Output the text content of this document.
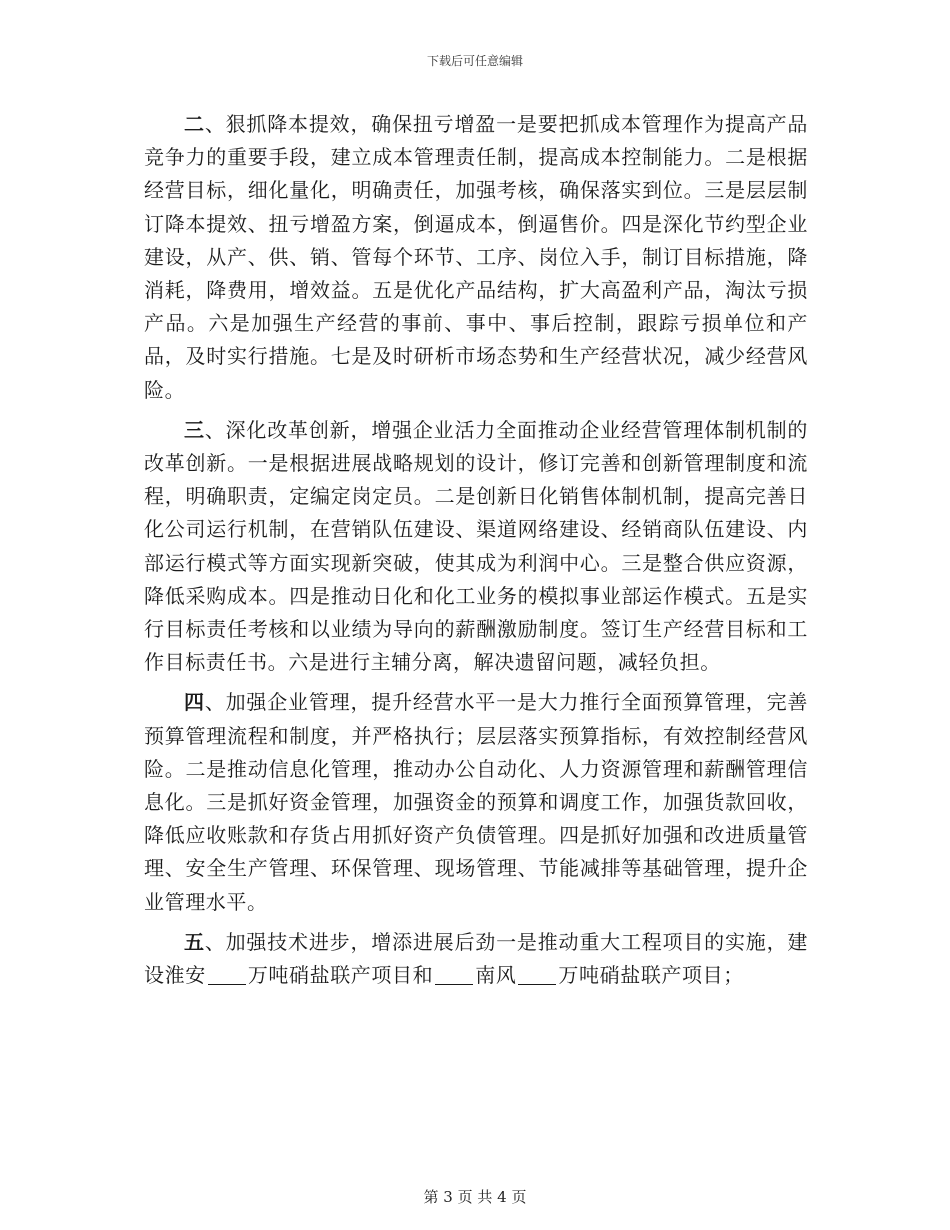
下载后可任意编辑

二、狠抓降本提效，确保扭亏增盈一是要把抓成本管理作为提高产品竞争力的重要手段，建立成本管理责任制，提高成本控制能力。二是根据经营目标，细化量化，明确责任，加强考核，确保落实到位。三是层层制订降本提效、扭亏增盈方案，倒逼成本，倒逼售价。四是深化节约型企业建设，从产、供、销、管每个环节、工序、岗位入手，制订目标措施，降消耗，降费用，增效益。五是优化产品结构，扩大高盈利产品，淘汰亏损产品。六是加强生产经营的事前、事中、事后控制，跟踪亏损单位和产品，及时实行措施。七是及时研析市场态势和生产经营状况，减少经营风险。

三、深化改革创新，增强企业活力全面推动企业经营管理体制机制的改革创新。一是根据进展战略规划的设计，修订完善和创新管理制度和流程，明确职责，定编定岗定员。二是创新日化销售体制机制，提高完善日化公司运行机制，在营销队伍建设、渠道网络建设、经销商队伍建设、内部运行模式等方面实现新突破，使其成为利润中心。三是整合供应资源，降低采购成本。四是推动日化和化工业务的模拟事业部运作模式。五是实行目标责任考核和以业绩为导向的薪酬激励制度。签订生产经营目标和工作目标责任书。六是进行主辅分离，解决遗留问题，减轻负担。

四、加强企业管理，提升经营水平一是大力推行全面预算管理，完善预算管理流程和制度，并严格执行；层层落实预算指标，有效控制经营风险。二是推动信息化管理，推动办公自动化、人力资源管理和薪酬管理信息化。三是抓好资金管理，加强资金的预算和调度工作，加强货款回收，降低应收账款和存货占用抓好资产负债管理。四是抓好加强和改进质量管理、安全生产管理、环保管理、现场管理、节能减排等基础管理，提升企业管理水平。

五、加强技术进步，增添进展后劲一是推动重大工程项目的实施，建设淮安 万吨硝盐联产项目和 南风 万吨硝盐联产项目；

第 3 页 共 4 页
